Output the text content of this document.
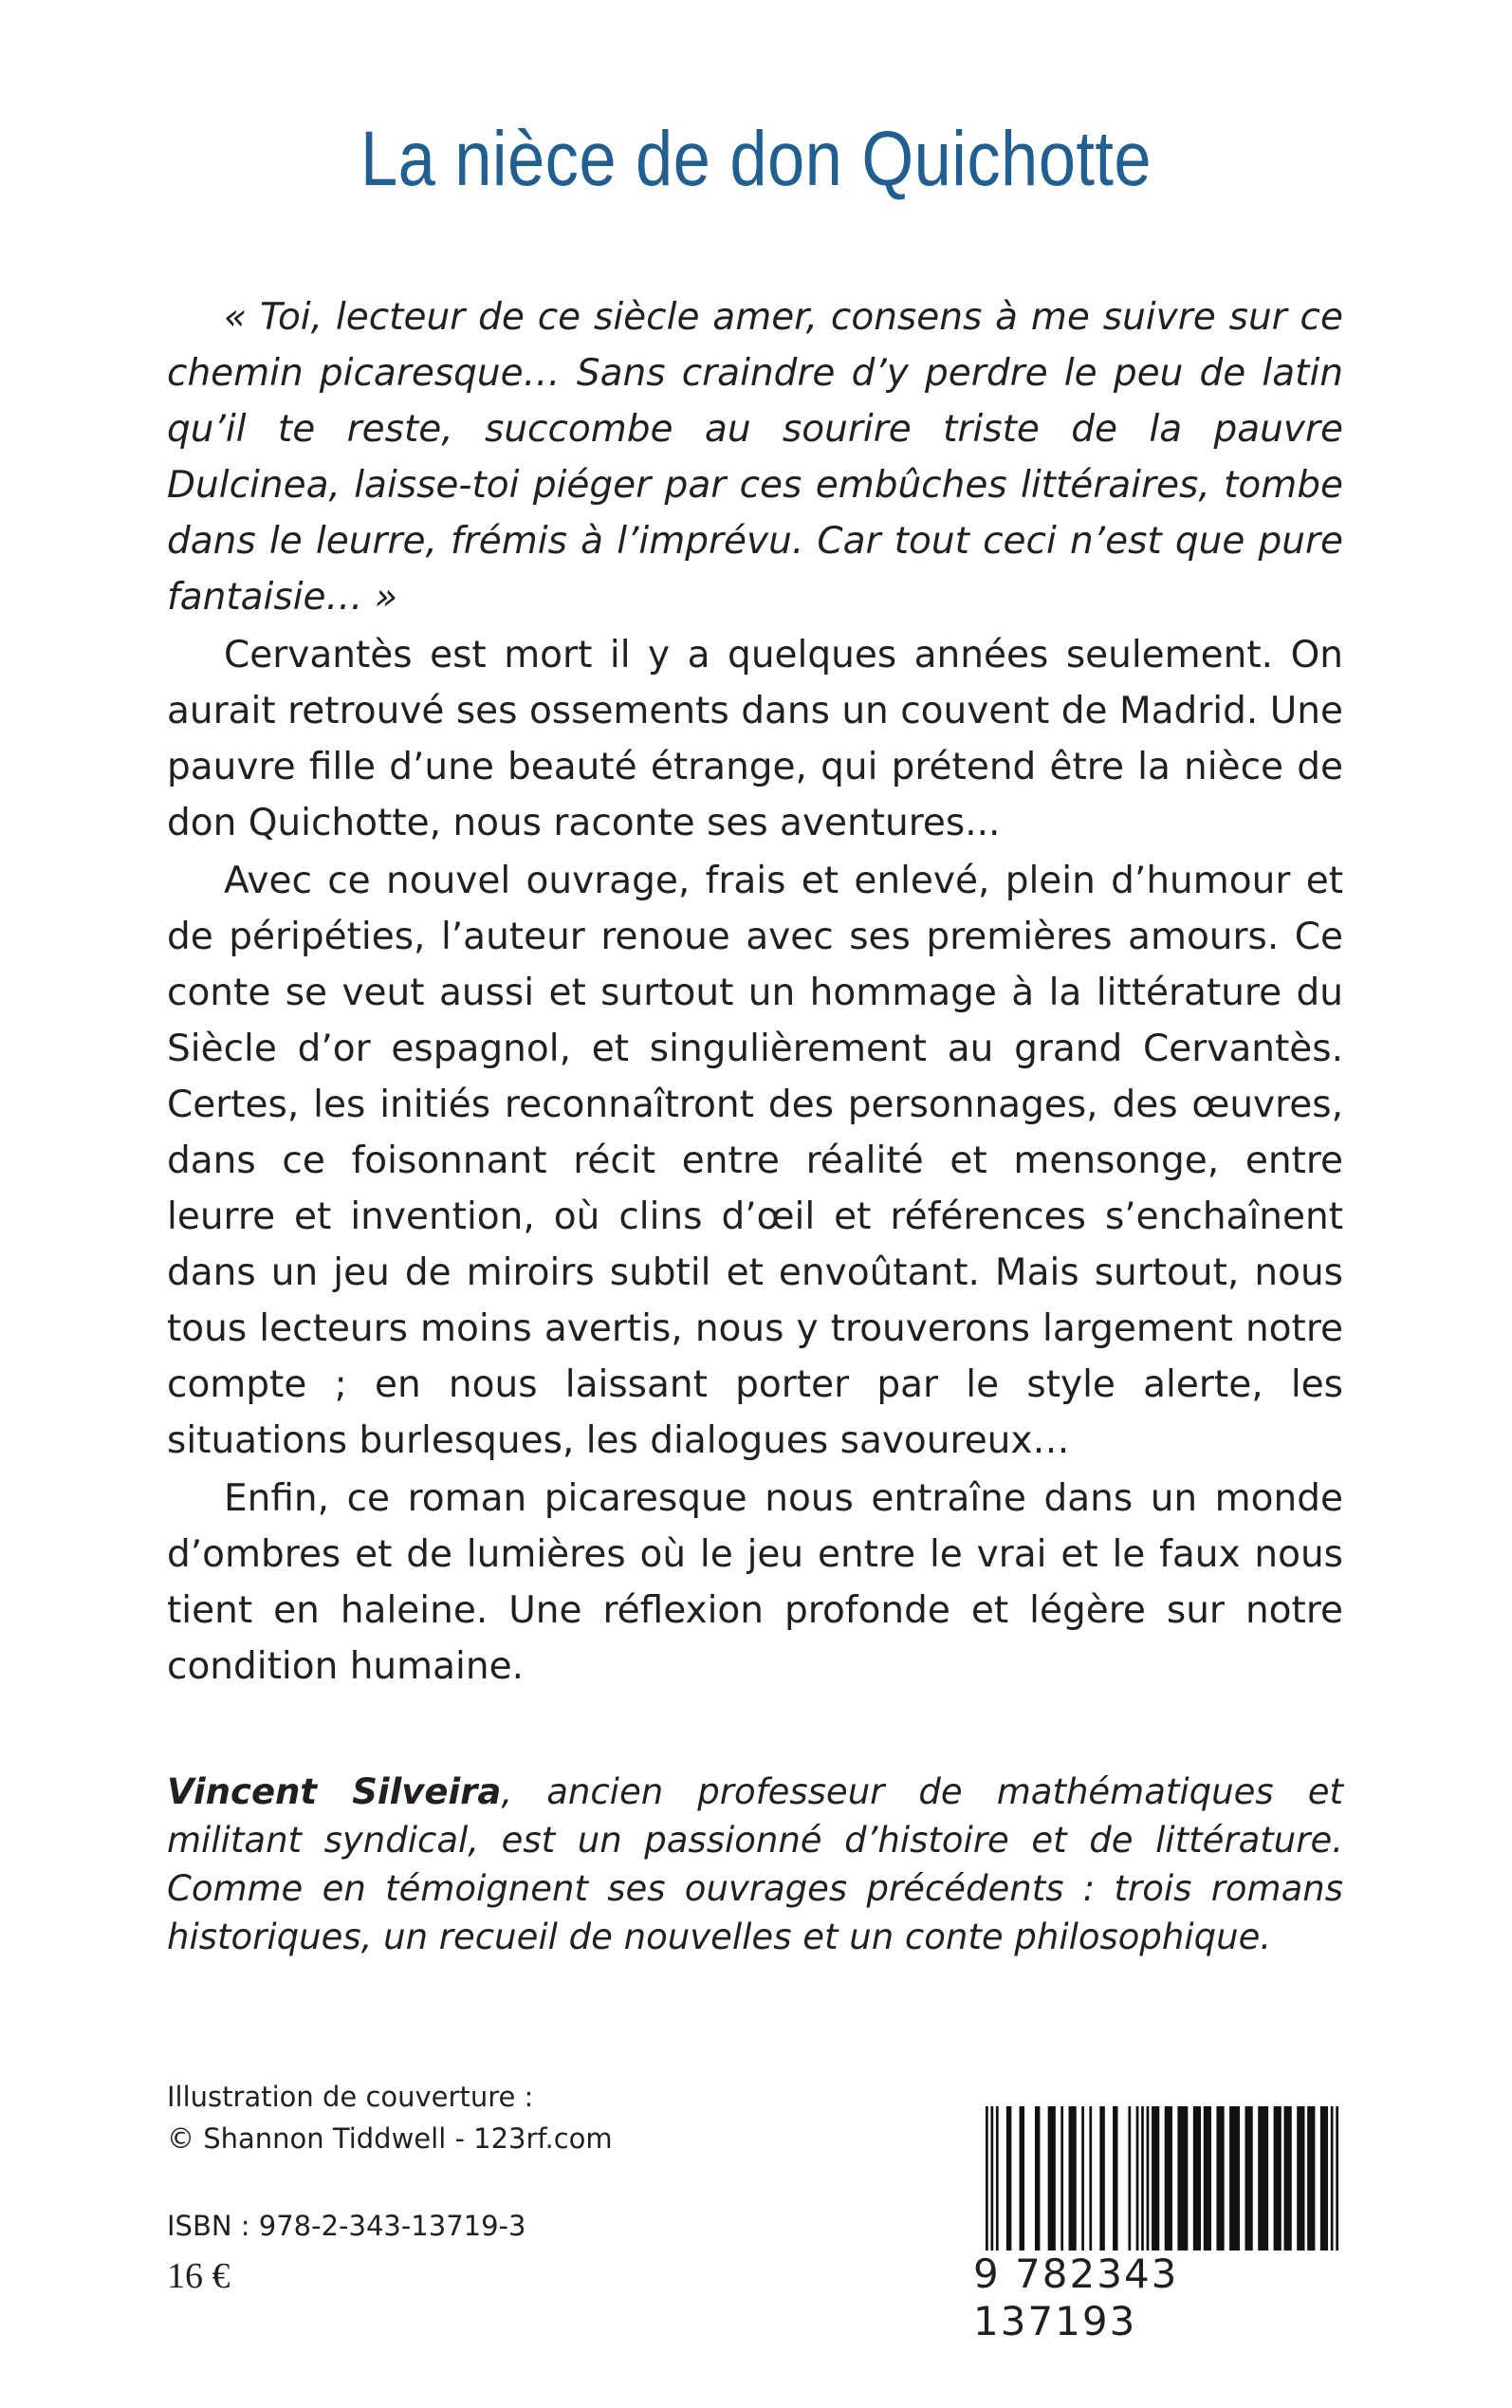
La nièce de don Quichotte

« Toi, lecteur de ce siècle amer, consens à me suivre sur ce chemin picaresque… Sans craindre d’y perdre le peu de latin qu’il te reste, succombe au sourire triste de la pauvre Dulcinea, laisse-toi piéger par ces embûches littéraires, tombe dans le leurre, frémis à l’imprévu. Car tout ceci n’est que pure fantaisie… »

Cervantès est mort il y a quelques années seulement. On aurait retrouvé ses ossements dans un couvent de Madrid. Une pauvre fille d’une beauté étrange, qui prétend être la nièce de don Quichotte, nous raconte ses aventures...

Avec ce nouvel ouvrage, frais et enlevé, plein d’humour et de péripéties, l’auteur renoue avec ses premières amours. Ce conte se veut aussi et surtout un hommage à la littérature du Siècle d’or espagnol, et singulièrement au grand Cervantès. Certes, les initiés reconnaîtront des personnages, des œuvres, dans ce foisonnant récit entre réalité et mensonge, entre leurre et invention, où clins d’œil et références s’enchaînent dans un jeu de miroirs subtil et envoûtant. Mais surtout, nous tous lecteurs moins avertis, nous y trouverons largement notre compte ; en nous laissant porter par le style alerte, les situations burlesques, les dialogues savoureux…

Enfin, ce roman picaresque nous entraîne dans un monde d’ombres et de lumières où le jeu entre le vrai et le faux nous tient en haleine. Une réflexion profonde et légère sur notre condition humaine.

Vincent Silveira, ancien professeur de mathématiques et militant syndical, est un passionné d’histoire et de littérature. Comme en témoignent ses ouvrages précédents : trois romans historiques, un recueil de nouvelles et un conte philosophique.
Illustration de couverture :
© Shannon Tiddwell - 123rf.com
ISBN : 978-2-343-13719-3
16 €	9 782343 137193
